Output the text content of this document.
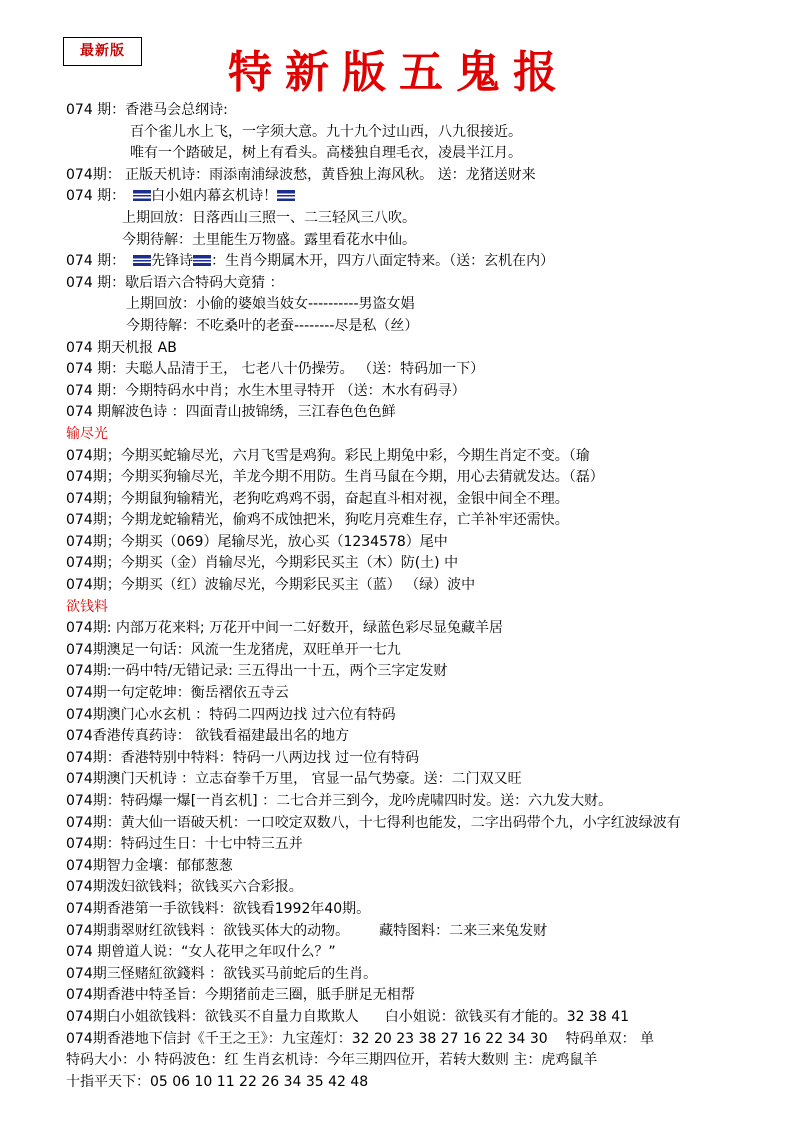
最新版	特新版五鬼报
074 期：香港马会总纲诗:
百个雀儿水上飞，一字须大意。九十九个过山西，八九很接近。
唯有一个踏破足，树上有看头。高楼独自理毛衣，凌晨半江月。
074期： 正版天机诗：雨添南浦绿波愁，黄昏独上海风秋。 送：龙猪送财来
074 期： 白小姐内幕玄机诗！
上期回放：日落西山三照一、二三轻风三八吹。
今期待解：土里能生万物盛。露里看花水中仙。
074 期： 先锋诗 ：生肖今期属木开，四方八面定特来。（送：玄机在内）
074 期：歇后语六合特码大竟猜 ：
上期回放：小偷的婆娘当妓女----------男盗女娼
今期待解：不吃桑叶的老蚕--------尽是私（丝）
074 期天机报 AB
074 期：夫聪人品清于王， 七老八十仍操劳。 （送：特码加一下）
074 期：今期特码水中肖；水生木里寻特开 （送：木水有码寻）
074 期解波色诗 ：四面青山披锦绣，三江春色色色鲜
输尽光
074期；今期买蛇输尽光，六月飞雪是鸡狗。彩民上期兔中彩，今期生肖定不变。（瑜
074期；今期买狗输尽光，羊龙今期不用防。生肖马鼠在今期，用心去猜就发达。（磊）
074期；今期鼠狗输精光，老狗吃鸡鸡不弱，奋起直斗相对视，金银中间全不理。
074期；今期龙蛇输精光，偷鸡不成蚀把米，狗吃月亮难生存，亡羊补牢还需快。
074期；今期买（069）尾输尽光，放心买（1234578）尾中
074期；今期买（金）肖输尽光，今期彩民买主（木）防(土) 中
074期；今期买（红）波输尽光，今期彩民买主（蓝） （绿）波中
欲钱料
074期: 内部万花来料; 万花开中间一二好数开，绿蓝色彩尽显兔藏羊居
074期澳足一句话：风流一生龙猪虎，双旺单开一七九
074期:一码中特/无错记录: 三五得出一十五，两个三字定发财
074期一句定乾坤：衡岳褶依五寺云
074期澳门心水玄机 ：特码二四两边找 过六位有特码
074香港传真药诗： 欲钱看福建最出名的地方
074期：香港特别中特料：特码一八两边找 过一位有特码
074期澳门天机诗 ：立志奋拳千万里， 官显一品气势豪。送：二门双又旺
074期：特码爆一爆[一肖玄机] ：二七合并三到今，龙吟虎啸四时发。送：六九发大财。
074期：黄大仙一语破天机：一口咬定双数八，十七得利也能发，二字出码带个九，小字红波绿波有
074期：特码过生日：十七中特三五并
074期智力金壤：郁郁葱葱
074期泼妇欲钱料；欲钱买六合彩报。
074期香港第一手欲钱料：欲钱看1992年40期。
074期翡翠财红欲钱料 ：欲钱买体大的动物。 藏特图料：二来三来兔发财
074 期曾道人说：“女人花甲之年叹什么？”
074期三怪赌紅欲錢料 ：欲钱买马前蛇后的生肖。
074期香港中特圣旨：今期猪前走三圈，胝手胼足无相帮
074期白小姐欲钱料：欲钱买不自量力自欺欺人 白小姐说：欲钱买有才能的。32 38 41
074期香港地下信封《千王之王》：九宝莲灯：32 20 23 38 27 16 22 34 30 特码单双： 单
特码大小：小 特码波色：红 生肖玄机诗：今年三期四位开，若转大数则 主：虎鸡鼠羊
十指平天下：05 06 10 11 22 26 34 35 42 48
